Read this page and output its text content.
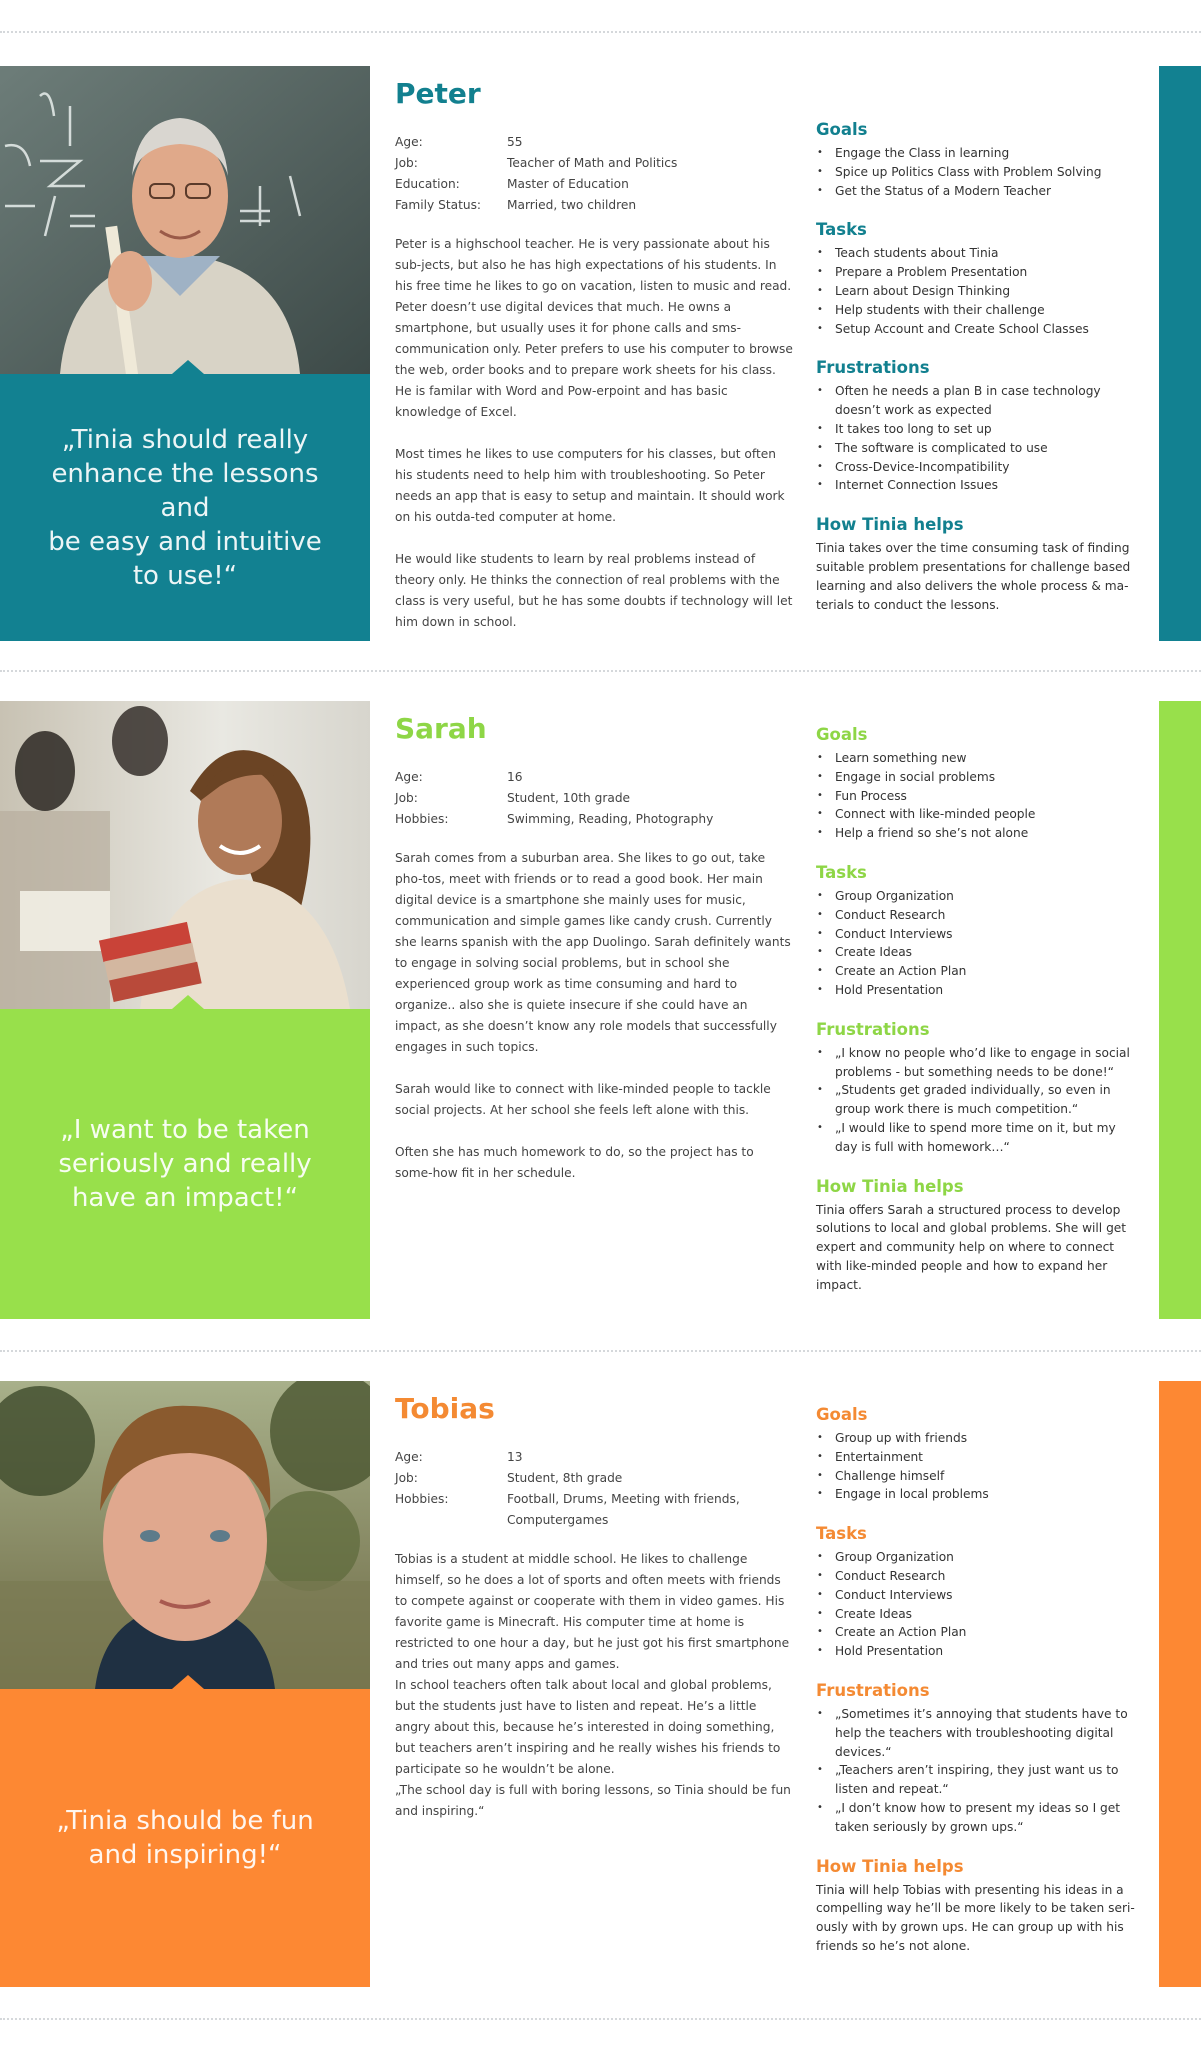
„Tinia should really
enhance the lessons and
be easy and intuitive
to use!“
Peter
Age:	55
Job:	Teacher of Math and Politics
Education:	Master of Education
Family Status:	Married, two children

Peter is a highschool teacher. He is very passionate about his sub-jects, but also he has high expectations of his students. In his free time he likes to go on vacation, listen to music and read. Peter doesn’t use digital devices that much. He owns a smartphone, but usually uses it for phone calls and sms-communication only. Peter prefers to use his computer to browse the web, order books and to prepare work sheets for his class. He is familar with Word and Pow-erpoint and has basic knowledge of Excel.

Most times he likes to use computers for his classes, but often his students need to help him with troubleshooting. So Peter needs an app that is easy to setup and maintain. It should work on his outda-ted computer at home.

He would like students to learn by real problems instead of theory only. He thinks the connection of real problems with the class is very useful, but he has some doubts if technology will let him down in school.

Goals
• Engage the Class in learning
• Spice up Politics Class with Problem Solving
• Get the Status of a Modern Teacher
Tasks
• Teach students about Tinia
• Prepare a Problem Presentation
• Learn about Design Thinking
• Help students with their challenge
• Setup Account and Create School Classes
Frustrations
• Often he needs a plan B in case technology doesn’t work as expected
• It takes too long to set up
• The software is complicated to use
• Cross-Device-Incompatibility
• Internet Connection Issues
How Tinia helps

Tinia takes over the time consuming task of finding suitable problem presentations for challenge based learning and also delivers the whole process & ma-terials to conduct the lessons.

„I want to be taken
seriously and really
have an impact!“
Sarah
Age:	16
Job:	Student, 10th grade
Hobbies:	Swimming, Reading, Photography

Sarah comes from a suburban area. She likes to go out, take pho-tos, meet with friends or to read a good book. Her main digital device is a smartphone she mainly uses for music, communication and simple games like candy crush. Currently she learns spanish with the app Duolingo. Sarah definitely wants to engage in solving social problems, but in school she experienced group work as time consuming and hard to organize.. also she is quiete insecure if she could have an impact, as she doesn’t know any role models that successfully engages in such topics.

Sarah would like to connect with like-minded people to tackle social projects. At her school she feels left alone with this.

Often she has much homework to do, so the project has to some-how fit in her schedule.

Goals
• Learn something new
• Engage in social problems
• Fun Process
• Connect with like-minded people
• Help a friend so she’s not alone
Tasks
• Group Organization
• Conduct Research
• Conduct Interviews
• Create Ideas
• Create an Action Plan
• Hold Presentation
Frustrations
• „I know no people who’d like to engage in social problems - but something needs to be done!“
• „Students get graded individually, so even in group work there is much competition.“
• „I would like to spend more time on it, but my day is full with homework…“
How Tinia helps

Tinia offers Sarah a structured process to develop solutions to local and global problems. She will get expert and community help on where to connect with like-minded people and how to expand her impact.

„Tinia should be fun
and inspiring!“
Tobias
Age:	13
Job:	Student, 8th grade
Hobbies:	Football, Drums, Meeting with friends, Computergames

Tobias is a student at middle school. He likes to challenge himself, so he does a lot of sports and often meets with friends to compete against or cooperate with them in video games. His favorite game is Minecraft. His computer time at home is restricted to one hour a day, but he just got his first smartphone and tries out many apps and games.

In school teachers often talk about local and global problems, but the students just have to listen and repeat. He’s a little angry about this, because he’s interested in doing something, but teachers aren’t inspiring and he really wishes his friends to participate so he wouldn’t be alone.

„The school day is full with boring lessons, so Tinia should be fun and inspiring.“

Goals
• Group up with friends
• Entertainment
• Challenge himself
• Engage in local problems
Tasks
• Group Organization
• Conduct Research
• Conduct Interviews
• Create Ideas
• Create an Action Plan
• Hold Presentation
Frustrations
• „Sometimes it’s annoying that students have to help the teachers with troubleshooting digital devices.“
• „Teachers aren’t inspiring, they just want us to listen and repeat.“
• „I don’t know how to present my ideas so I get taken seriously by grown ups.“
How Tinia helps

Tinia will help Tobias with presenting his ideas in a compelling way he’ll be more likely to be taken seri-ously with by grown ups. He can group up with his friends so he’s not alone.
